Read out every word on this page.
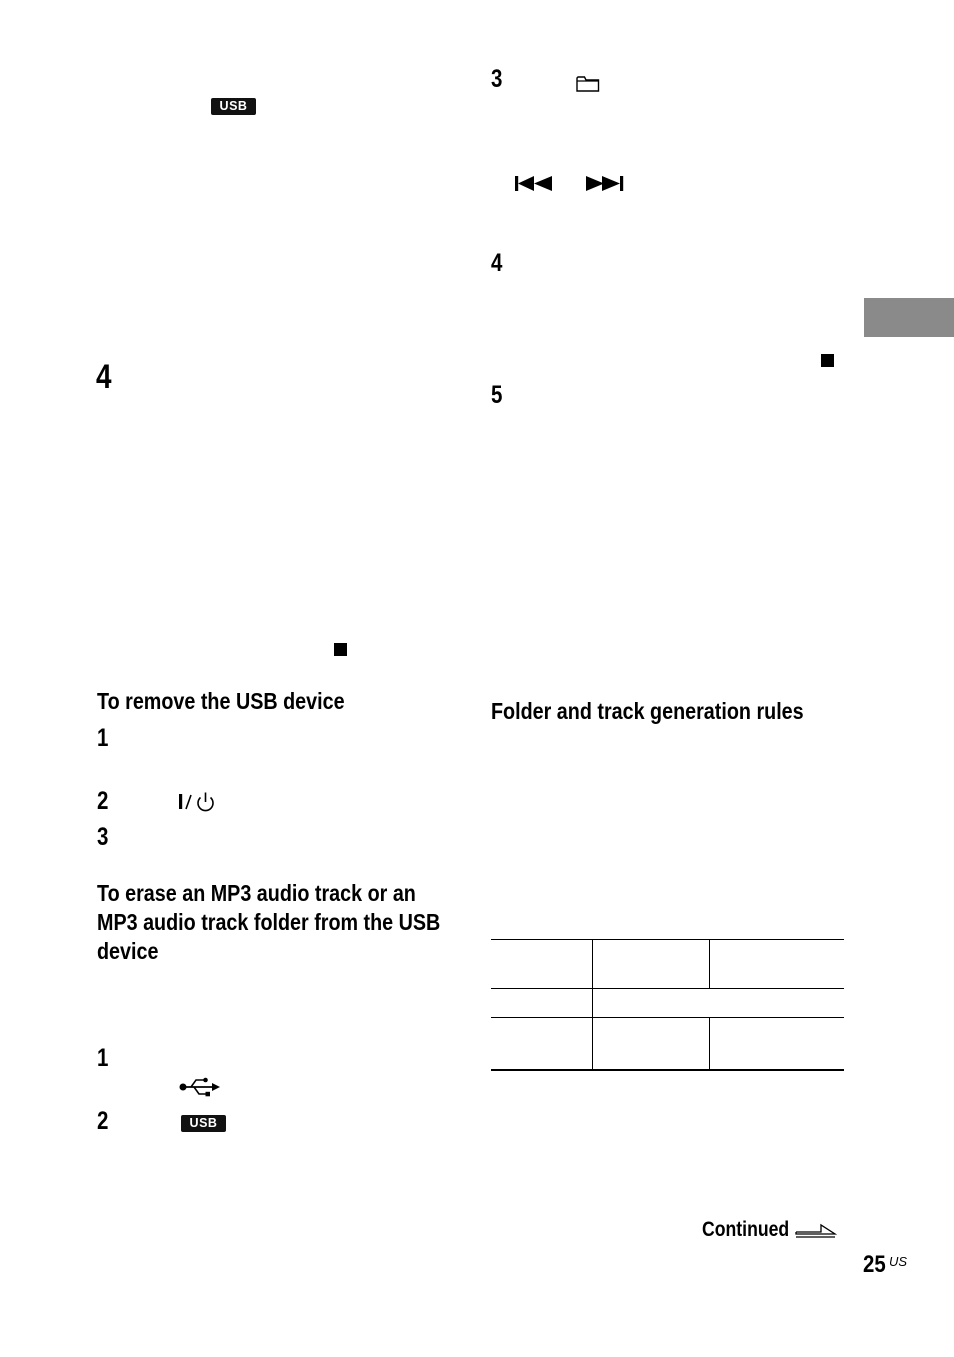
USB
4
To remove the USB device
1
2
3
To erase an MP3 audio track or an
MP3 audio track folder from the USB
device
1
2	USB
3
4
5
Folder and track generation rules

Continued
25 US
